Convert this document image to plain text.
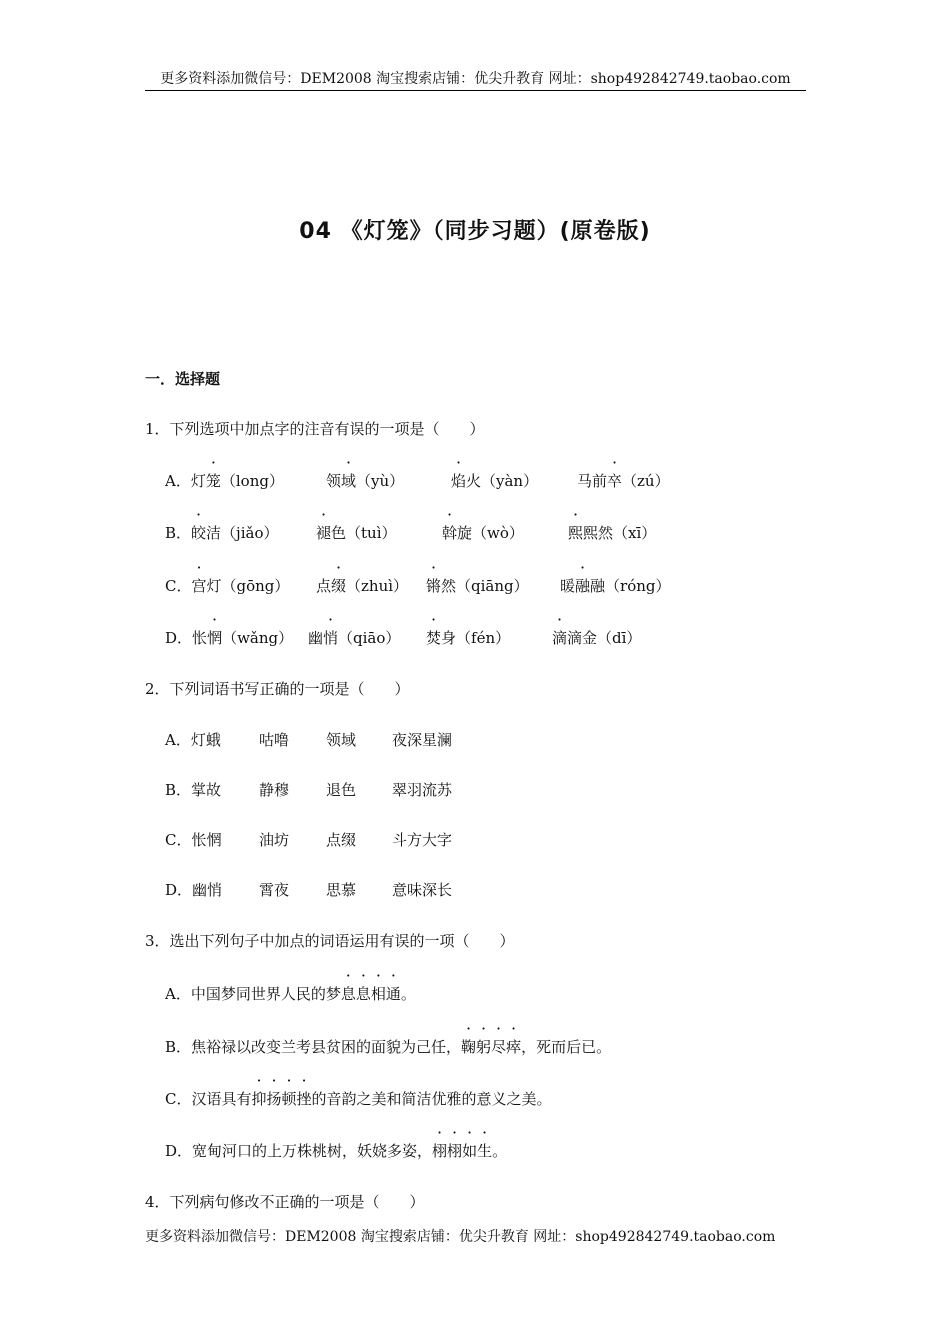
更多资料添加微信号：DEM2008 淘宝搜索店铺：优尖升教育 网址：shop492842749.taobao.com
04 《灯笼》（同步习题）(原卷版)
一．选择题
1．下列选项中加点字的注音有误的一项是（　　）
A．灯笼（long）	领域（yù）	焰火（yàn）	马前卒（zú）
B．皎洁（jiǎo）	褪色（tuì）	斡旋（wò）	熙熙然（xī）
C．宫灯（gōng） 点缀（zhuì） 锵然（qiāng） 暖融融（róng）
D．怅惘（wǎng） 幽悄（qiāo） 焚身（fén）	滴滴金（dī）
2．下列词语书写正确的一项是（　　）
A．灯蛾	咕噜 领域 夜深星澜
B．掌故	静穆 退色 翠羽流苏
C．怅惘	油坊 点缀 斗方大字
D．幽悄 霄夜 思慕 意味深长
3．选出下列句子中加点的词语运用有误的一项（　　）
A．中国梦同世界人民的梦息息相通。
B．焦裕禄以改变兰考县贫困的面貌为己任，鞠躬尽瘁，死而后已。
C．汉语具有抑扬顿挫的音韵之美和简洁优雅的意义之美。
D．宽甸河口的上万株桃树，妖娆多姿，栩栩如生。
4．下列病句修改不正确的一项是（　　）
更多资料添加微信号：DEM2008 淘宝搜索店铺：优尖升教育 网址：shop492842749.taobao.com
